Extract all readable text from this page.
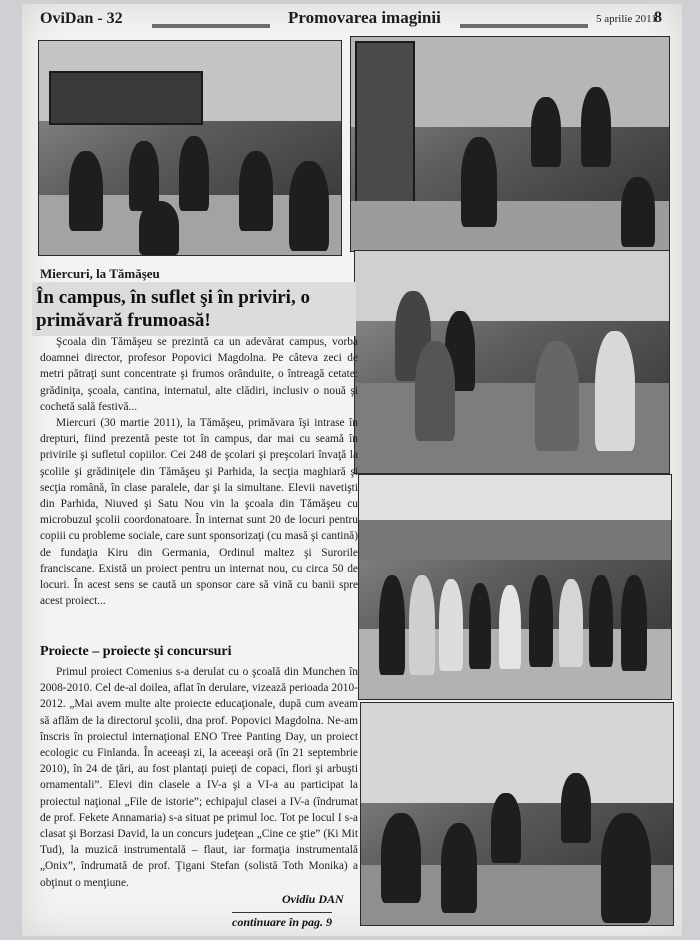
OviDan - 32	Promovarea imaginii	5 aprilie 2011
8
Miercuri, la Tămăşeu
În campus, în suflet şi în priviri, o primăvară frumoasă!

Şcoala din Tămăşeu se prezintă ca un adevărat campus, vorba doamnei director, profesor Popovici Magdolna. Pe câteva zeci de metri pătraţi sunt concentrate şi frumos orânduite, o întreagă cetate: grădiniţa, şcoala, cantina, internatul, alte clădiri, inclusiv o nouă şi cochetă sală festivă...

Miercuri (30 martie 2011), la Tămăşeu, primăvara îşi intrase în drepturi, fiind prezentă peste tot în campus, dar mai cu seamă în privirile şi sufletul copiilor. Cei 248 de şcolari şi preşcolari învaţă la şcolile şi grădiniţele din Tămăşeu şi Parhida, la secţia maghiară şi secţia română, în clase paralele, dar şi la simultane. Elevii navetişti din Parhida, Niuved şi Satu Nou vin la şcoala din Tămăşeu cu microbuzul şcolii coordonatoare. În internat sunt 20 de locuri pentru copiii cu probleme sociale, care sunt sponsorizaţi (cu masă şi cantină) de fundaţia Kiru din Germania, Ordinul maltez şi Surorile franciscane. Există un proiect pentru un internat nou, cu circa 50 de locuri. În acest sens se caută un sponsor care să vină cu banii spre acest proiect...

Proiecte – proiecte şi concursuri

Primul proiect Comenius s-a derulat cu o şcoală din Munchen în 2008-2010. Cel de-al doilea, aflat în derulare, vizează perioada 2010-2012. „Mai avem multe alte proiecte educaţionale, după cum aveam să aflăm de la directorul şcolii, dna prof. Popovici Magdolna. Ne-am înscris în proiectul internaţional ENO Tree Panting Day, un proiect ecologic cu Finlanda. În aceeaşi zi, la aceeaşi oră (în 21 septembrie 2010), în 24 de ţări, au fost plantaţi puieţi de copaci, flori şi arbuşti ornamentali”. Elevi din clasele a IV-a şi a VI-a au participat la proiectul naţional „File de istorie”; echipajul clasei a IV-a (îndrumat de prof. Fekete Annamaria) s-a situat pe primul loc. Tot pe locul I s-a clasat şi Borzasi David, la un concurs judeţean „Cine ce ştie” (Ki Mit Tud), la muzică instrumentală – flaut, iar formaţia instrumentală „Onix”, îndrumată de prof. Ţigani Stefan (solistă Toth Monika) a obţinut o menţiune.

Ovidiu DAN
continuare în pag. 9
